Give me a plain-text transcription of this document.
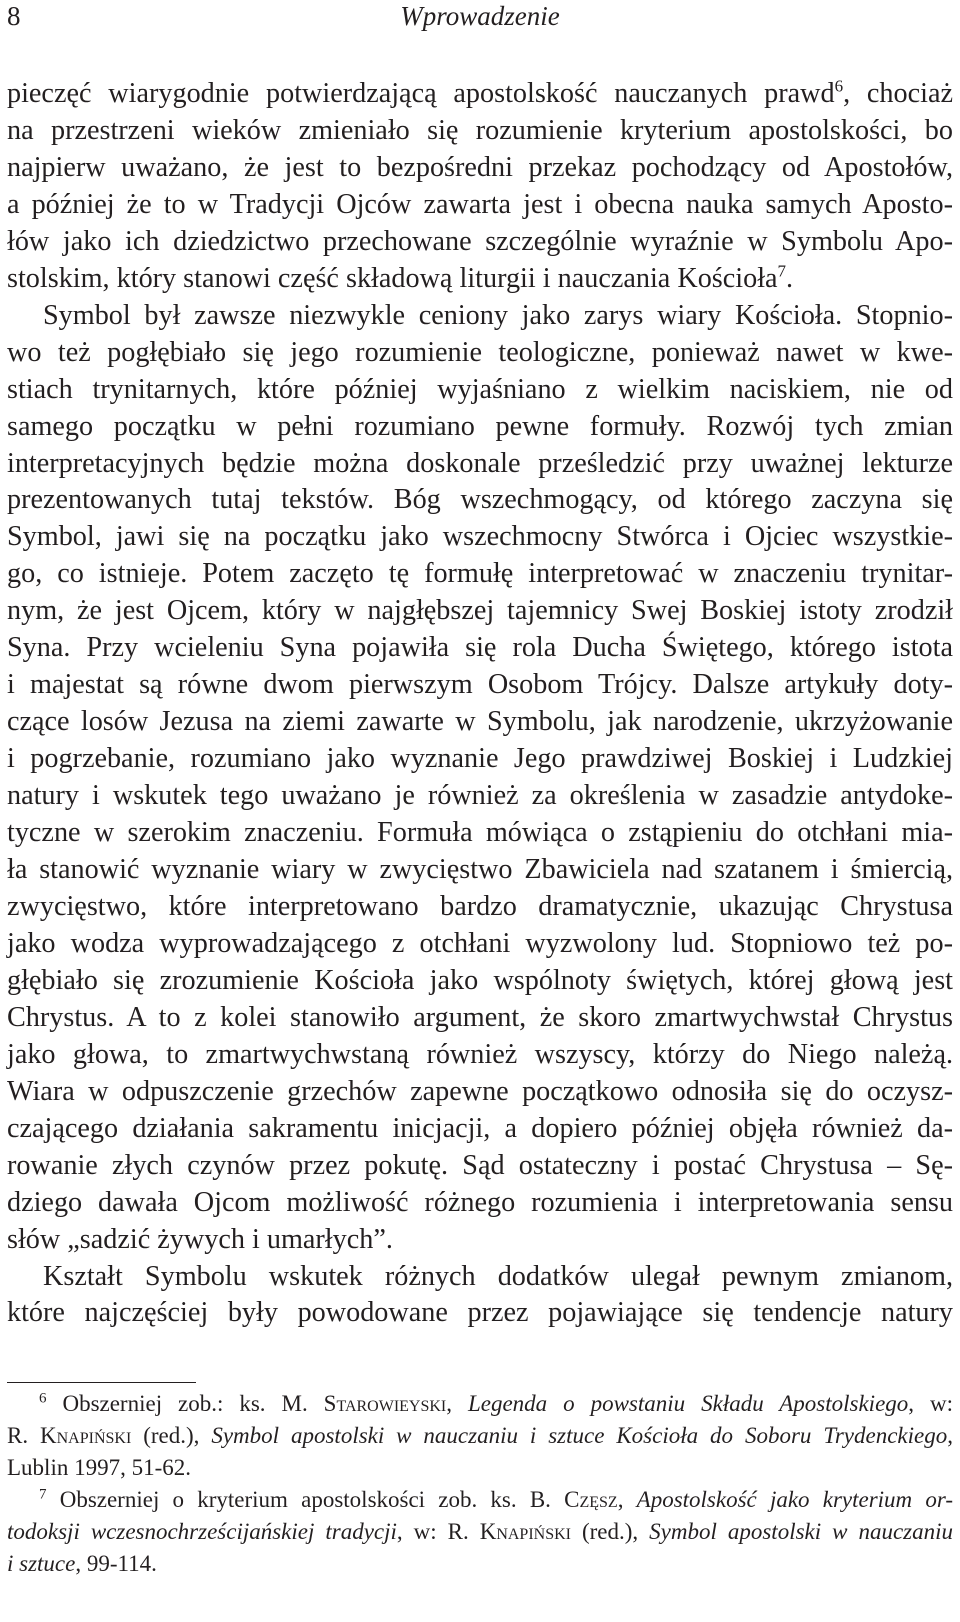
8	Wprowadzenie

pieczęć wiarygodnie potwierdzającą apostolskość nauczanych prawd$^6$, chociaż
na przestrzeni wieków zmieniało się rozumienie kryterium apostolskości, bo
najpierw uważano, że jest to bezpośredni przekaz pochodzący od Apostołów,
a później że to w Tradycji Ojców zawarta jest i obecna nauka samych Aposto-
łów jako ich dziedzictwo przechowane szczególnie wyraźnie w Symbolu Apo-
stolskim, który stanowi część składową liturgii i nauczania Kościoła$^7$.

Symbol był zawsze niezwykle ceniony jako zarys wiary Kościoła. Stopnio-
wo też pogłębiało się jego rozumienie teologiczne, ponieważ nawet w kwe-
stiach trynitarnych, które później wyjaśniano z wielkim naciskiem, nie od
samego początku w pełni rozumiano pewne formuły. Rozwój tych zmian
interpretacyjnych będzie można doskonale prześledzić przy uważnej lekturze
prezentowanych tutaj tekstów. Bóg wszechmogący, od którego zaczyna się
Symbol, jawi się na początku jako wszechmocny Stwórca i Ojciec wszystkie-
go, co istnieje. Potem zaczęto tę formułę interpretować w znaczeniu trynitar-
nym, że jest Ojcem, który w najgłębszej tajemnicy Swej Boskiej istoty zrodził
Syna. Przy wcieleniu Syna pojawiła się rola Ducha Świętego, którego istota
i majestat są równe dwom pierwszym Osobom Trójcy. Dalsze artykuły doty-
czące losów Jezusa na ziemi zawarte w Symbolu, jak narodzenie, ukrzyżowanie
i pogrzebanie, rozumiano jako wyznanie Jego prawdziwej Boskiej i Ludzkiej
natury i wskutek tego uważano je również za określenia w zasadzie antydoke-
tyczne w szerokim znaczeniu. Formuła mówiąca o zstąpieniu do otchłani mia-
ła stanowić wyznanie wiary w zwycięstwo Zbawiciela nad szatanem i śmiercią,
zwycięstwo, które interpretowano bardzo dramatycznie, ukazując Chrystusa
jako wodza wyprowadzającego z otchłani wyzwolony lud. Stopniowo też po-
głębiało się zrozumienie Kościoła jako wspólnoty świętych, której głową jest
Chrystus. A to z kolei stanowiło argument, że skoro zmartwychwstał Chrystus
jako głowa, to zmartwychwstaną również wszyscy, którzy do Niego należą.
Wiara w odpuszczenie grzechów zapewne początkowo odnosiła się do oczysz-
czającego działania sakramentu inicjacji, a dopiero później objęła również da-
rowanie złych czynów przez pokutę. Sąd ostateczny i postać Chrystusa – Sę-
dziego dawała Ojcom możliwość różnego rozumienia i interpretowania sensu
słów „sadzić żywych i umarłych”.

Kształt Symbolu wskutek różnych dodatków ulegał pewnym zmianom,
które najczęściej były powodowane przez pojawiające się tendencje natury

$^6$ Obszerniej zob.: ks. M. Starowieyski, Legenda o powstaniu Składu Apostolskiego, w:
R. Knapiński (red.), Symbol apostolski w nauczaniu i sztuce Kościoła do Soboru Trydenckiego,
Lublin 1997, 51-62.
$^7$ Obszerniej o kryterium apostolskości zob. ks. B. Częsz, Apostolskość jako kryterium or-
todoksji wczesnochrześcijańskiej tradycji, w: R. Knapiński (red.), Symbol apostolski w nauczaniu
i sztuce, 99-114.
